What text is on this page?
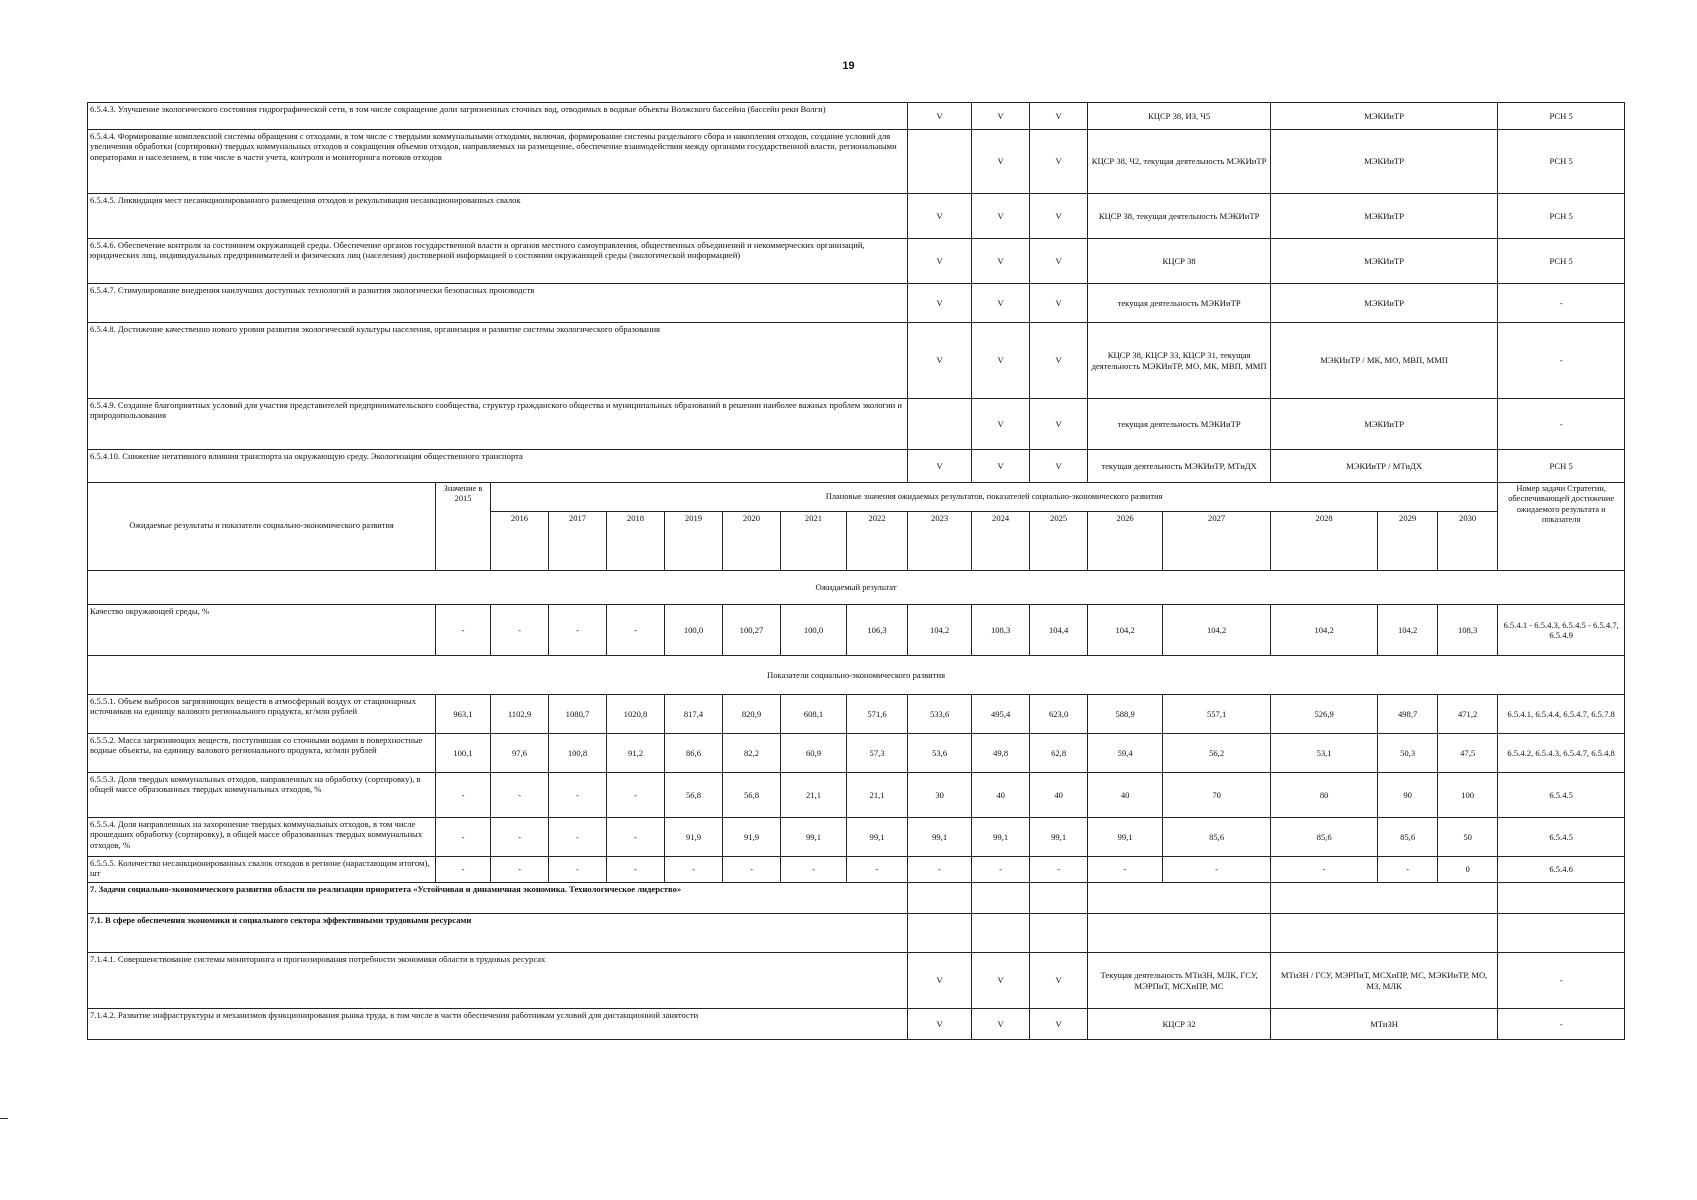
19
6.5.4.3. Улучшение экологического состояния гидрографической сети, в том числе сокращение доли загрязненных сточных вод, отводимых в водные объекты Волжского бассейна (бассейн реки Волги)									V	V	V	КЦСР 38, ИЗ, Ч5		МЭКИиТР			РСН 5
6.5.4.4. Формирование комплексной системы обращения с отходами, в том числе с твердыми коммунальными отходами, включая, формирование системы раздельного сбора и накопления отходов, создание условий для увеличения обработки (сортировки) твердых коммунальных отходов и сокращения объемов отходов, направляемых на размещение, обеспечение взаимодействия между органами государственной власти, региональными операторами и населением, в том числе в части учета, контроля и мониторинга потоков отходов										V	V	КЦСР 38, Ч2, текущая деятельность МЭКИиТР		МЭКИиТР			РСН 5
6.5.4.5. Ликвидация мест несанкционированного размещения отходов и рекультивация несанкционированных свалок									V	V	V	КЦСР 38, текущая деятельность МЭКИиТР		МЭКИиТР			РСН 5
6.5.4.6. Обеспечение контроля за состоянием окружающей среды. Обеспечение органов государственной власти и органов местного самоуправления, общественных объединений и некоммерческих организаций, юридических лиц, индивидуальных предпринимателей и физических лиц (населения) достоверной информацией о состоянии окружающей среды (экологической информацией)									V	V	V	КЦСР 38		МЭКИиТР			РСН 5
6.5.4.7. Стимулирование внедрения наилучших доступных технологий и развития экологически безопасных производств									V	V	V	текущая деятельность МЭКИиТР		МЭКИиТР			-
6.5.4.8. Достижение качественно нового уровня развития экологической культуры населения, организация и развитие системы экологического образования									V	V	V	КЦСР 38, КЦСР 33, КЦСР 31, текущая деятельность МЭКИиТР, МО, МК, МВП, ММП		МЭКИиТР / МК, МО, МВП, ММП			-
6.5.4.9. Создание благоприятных условий для участия представителей предпринимательского сообщества, структур гражданского общества и муниципальных образований в решении наиболее важных проблем экологии и природопользования										V	V	текущая деятельность МЭКИиТР		МЭКИиТР			-
6.5.4.10. Снижение негативного влияния транспорта на окружающую среду. Экологизация общественного транспорта									V	V	V	текущая деятельность МЭКИиТР, МТиДХ		МЭКИиТР / МТиДХ			РСН 5
Ожидаемые результаты и показатели социально-экономического развития	Значение в 2015	Плановые значения ожидаемых результатов, показателей социально-экономического развития															Номер задачи Стратегии, обеспечивающей достижение ожидаемого результата и показателя
		2016	2017	2018	2019	2020	2021	2022	2023	2024	2025	2026	2027	2028	2029	2030	
Ожидаемый результат																	
Качество окружающей среды, %	-	-	-	-	100,0	100,27	100,0	106,3	104,2	108,3	104,4	104,2	104,2	104,2	104,2	108,3	6.5.4.1 - 6.5.4.3, 6.5.4.5 - 6.5.4.7, 6.5.4.9
Показатели социально-экономического развития																	
6.5.5.1. Объем выбросов загрязняющих веществ в атмосферный воздух от стационарных источников на единицу валового регионального продукта, кг/млн рублей	963,1	1102,9	1080,7	1020,8	817,4	820,9	608,1	571,6	533,6	495,4	623,0	588,9	557,1	526,9	498,7	471,2	6.5.4.1, 6.5.4.4, 6.5.4.7, 6.5.7.8
6.5.5.2. Масса загрязняющих веществ, поступившая со сточными водами в поверхностные водные объекты, на единицу валового регионального продукта, кг/млн рублей	100,1	97,6	100,8	91,2	86,6	82,2	60,9	57,3	53,6	49,8	62,8	59,4	56,2	53,1	50,3	47,5	6.5.4.2, 6.5.4.3, 6.5.4.7, 6.5.4.8
6.5.5.3. Доля твердых коммунальных отходов, направленных на обработку (сортировку), в общей массе образованных твердых коммунальных отходов, %	-	-	-	-	56,8	56,8	21,1	21,1	30	40	40	40	70	80	90	100	6.5.4.5
6.5.5.4. Доля направленных на захоронение твердых коммунальных отходов, в том числе прошедших обработку (сортировку), в общей массе образованных твердых коммунальных отходов, %	-	-	-	-	91,9	91,9	99,1	99,1	99,1	99,1	99,1	99,1	85,6	85,6	85,6	50	6.5.4.5
6.5.5.5. Количество несанкционированных свалок отходов в регионе (нарастающим итогом), шт	-	-	-	-	-	-	-	-	-	-	-	-	-	-	-	0	6.5.4.6
7. Задачи социально-экономического развития области по реализации приоритета «Устойчивая и динамичная экономика. Технологическое лидерство»																	
7.1. В сфере обеспечения экономики и социального сектора эффективными трудовыми ресурсами																	
7.1.4.1. Совершенствование системы мониторинга и прогнозирования потребности экономики области в трудовых ресурсах									V	V	V	Текущая деятельность МТиЗН, МЛК, ГСУ, МЭРПиТ, МСХиПР, МС		МТиЗН / ГСУ, МЭРПиТ, МСХиПР, МС, МЭКИиТР, МО, МЗ, МЛК			-
7.1.4.2. Развитие инфраструктуры и механизмов функционирования рынка труда, в том числе в части обеспечения работникам условий для дистанционной занятости									V	V	V	КЦСР 32		МТиЗН			-
